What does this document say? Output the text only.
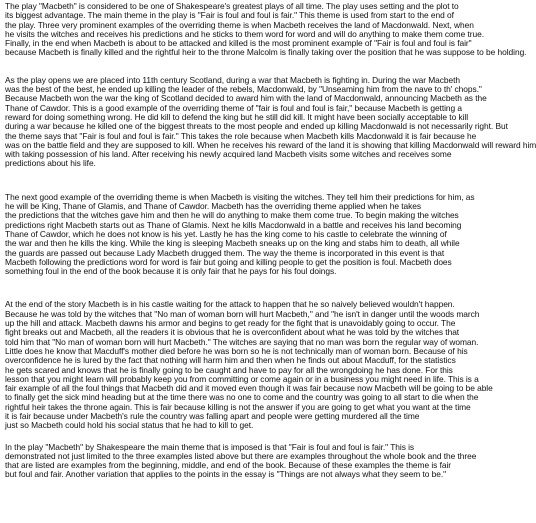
The play "Macbeth" is considered to be one of Shakespeare's greatest plays of all time. The play uses setting and the plot to
its biggest advantage. The main theme in the play is "Fair is foul and foul is fair." This theme is used from start to the end of
the play. Three very prominent examples of the overriding theme is when Macbeth receives the land of Macdonwald. Next, when
he visits the witches and receives his predictions and he sticks to them word for word and will do anything to make them come true.
Finally, in the end when Macbeth is about to be attacked and killed is the most prominent example of "Fair is foul and foul is fair"
because Macbeth is finally killed and the rightful heir to the throne Malcolm is finally taking over the position that he was suppose to be holding.
As the play opens we are placed into 11th century Scotland, during a war that Macbeth is fighting in. During the war Macbeth
was the best of the best, he ended up killing the leader of the rebels, Macdonwald, by "Unseaming him from the nave to th' chops."
Because Macbeth won the war the king of Scotland decided to award him with the land of Macdonwald, announcing Macbeth as the
Thane of Cawdor. This is a good example of the overriding theme of "fair is foul and foul is fair," because Macbeth is getting a
reward for doing something wrong. He did kill to defend the king but he still did kill. It might have been socially acceptable to kill
during a war because he killed one of the biggest threats to the most people and ended up killing Macdonwald is not necessarily right. But
the theme says that "Fair is foul and foul is fair." This takes the role because when Macbeth kills Macdonwald it is fair because he
was on the battle field and they are supposed to kill. When he receives his reward of the land it is showing that killing Macdonwald will reward him
with taking possession of his land. After receiving his newly acquired land Macbeth visits some witches and receives some
predictions about his life.
The next good example of the overriding theme is when Macbeth is visiting the witches. They tell him their predictions for him, as
he will be King, Thane of Glamis, and Thane of Cawdor. Macbeth has the overriding theme applied when he takes
the predictions that the witches gave him and then he will do anything to make them come true. To begin making the witches
predictions right Macbeth starts out as Thane of Glamis. Next he kills Macdonwald in a battle and receives his land becoming
Thane of Cawdor, which he does not know is his yet. Lastly he has the king come to his castle to celebrate the winning of
the war and then he kills the king. While the king is sleeping Macbeth sneaks up on the king and stabs him to death, all while
the guards are passed out because Lady Macbeth drugged them. The way the theme is incorporated in this event is that
Macbeth following the predictions word for word is fair but going and killing people to get the position is foul. Macbeth does
something foul in the end of the book because it is only fair that he pays for his foul doings.
At the end of the story Macbeth is in his castle waiting for the attack to happen that he so naively believed wouldn't happen.
Because he was told by the witches that "No man of woman born will hurt Macbeth," and "he isn't in danger until the woods march
up the hill and attack. Macbeth dawns his armor and begins to get ready for the fight that is unavoidably going to occur. The
fight breaks out and Macbeth, all the readers it is obvious that he is overconfident about what he was told by the witches that
told him that "No man of woman born will hurt Macbeth." The witches are saying that no man was born the regular way of woman.
Little does he know that Macduff's mother died before he was born so he is not technically man of woman born. Because of his
overconfidence he is lured by the fact that nothing will harm him and then when he finds out about Macduff, for the statistics
he gets scared and knows that he is finally going to be caught and have to pay for all the wrongdoing he has done. For this
lesson that you might learn will probably keep you from committing or come again or in a business you might need in life. This is a
fair example of all the foul things that Macbeth did and it moved even though it was fair because now Macbeth will be going to be able
to finally get the sick mind heading but at the time there was no one to come and the country was going to all start to die when the
rightful heir takes the throne again. This is fair because killing is not the answer if you are going to get what you want at the time
it is fair because under Macbeth's rule the country was falling apart and people were getting murdered all the time
just so Macbeth could hold his social status that he had to kill to get.
In the play "Macbeth" by Shakespeare the main theme that is imposed is that "Fair is foul and foul is fair." This is
demonstrated not just limited to the three examples listed above but there are examples throughout the whole book and the three
that are listed are examples from the beginning, middle, and end of the book. Because of these examples the theme is fair
but foul and fair. Another variation that applies to the points in the essay is "Things are not always what they seem to be."
